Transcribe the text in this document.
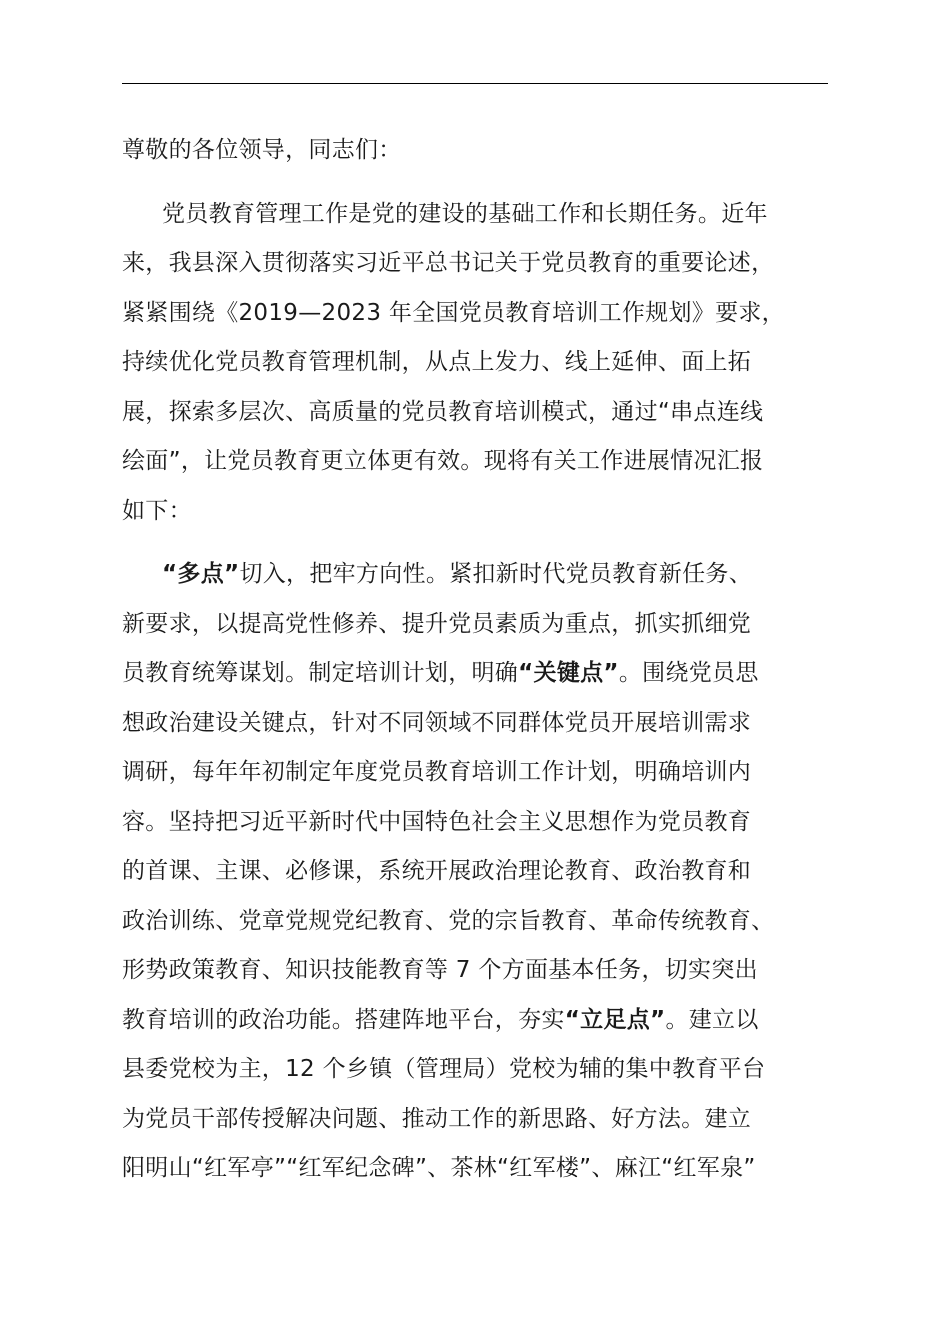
尊敬的各位领导，同志们：
党员教育管理工作是党的建设的基础工作和长期任务。近年
来，我县深入贯彻落实习近平总书记关于党员教育的重要论述，
紧紧围绕《2019—2023 年全国党员教育培训工作规划》要求，
持续优化党员教育管理机制，从点上发力、线上延伸、面上拓
展，探索多层次、高质量的党员教育培训模式，通过“串点连线
绘面”，让党员教育更立体更有效。现将有关工作进展情况汇报
如下：
“多点”切入，把牢方向性。紧扣新时代党员教育新任务、
新要求，以提高党性修养、提升党员素质为重点，抓实抓细党
员教育统筹谋划。制定培训计划，明确“关键点”。围绕党员思
想政治建设关键点，针对不同领域不同群体党员开展培训需求
调研，每年年初制定年度党员教育培训工作计划，明确培训内
容。坚持把习近平新时代中国特色社会主义思想作为党员教育
的首课、主课、必修课，系统开展政治理论教育、政治教育和
政治训练、党章党规党纪教育、党的宗旨教育、革命传统教育、
形势政策教育、知识技能教育等 7 个方面基本任务，切实突出
教育培训的政治功能。搭建阵地平台，夯实“立足点”。建立以
县委党校为主，12 个乡镇（管理局）党校为辅的集中教育平台
为党员干部传授解决问题、推动工作的新思路、好方法。建立
阳明山“红军亭”“红军纪念碑”、茶林“红军楼”、麻江“红军泉”
